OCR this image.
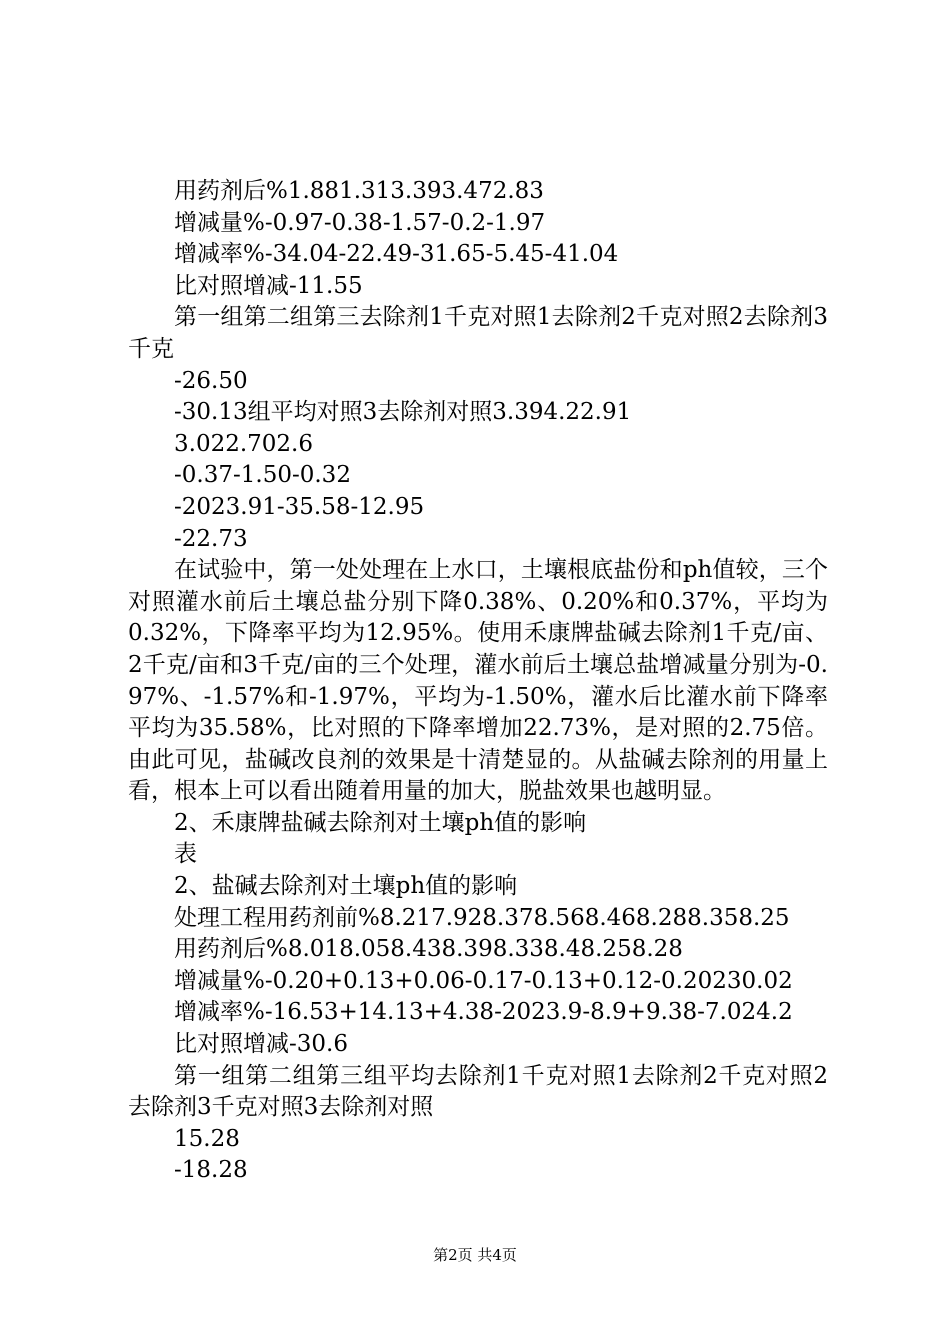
用药剂后%1.881.313.393.472.83
增减量%-0.97-0.38-1.57-0.2-1.97
增减率%-34.04-22.49-31.65-5.45-41.04
比对照增减-11.55
第一组第二组第三去除剂1千克对照1去除剂2千克对照2去除剂3千克
-26.50
-30.13组平均对照3去除剂对照3.394.22.91
3.022.702.6
-0.37-1.50-0.32
-2023.91-35.58-12.95
-22.73
在试验中，第一处处理在上水口，土壤根底盐份和ph值较，三个对照灌水前后土壤总盐分别下降0.38%、0.20%和0.37%，平均为0.32%，下降率平均为12.95%。使用禾康牌盐碱去除剂1千克/亩、2千克/亩和3千克/亩的三个处理，灌水前后土壤总盐增减量分别为-0.97%、-1.57%和-1.97%，平均为-1.50%，灌水后比灌水前下降率平均为35.58%，比对照的下降率增加22.73%，是对照的2.75倍。由此可见，盐碱改良剂的效果是十清楚显的。从盐碱去除剂的用量上看，根本上可以看出随着用量的加大，脱盐效果也越明显。
2、禾康牌盐碱去除剂对土壤ph值的影响
表
2、盐碱去除剂对土壤ph值的影响
处理工程用药剂前%8.217.928.378.568.468.288.358.25
用药剂后%8.018.058.438.398.338.48.258.28
增减量%-0.20+0.13+0.06-0.17-0.13+0.12-0.20230.02
增减率%-16.53+14.13+4.38-2023.9-8.9+9.38-7.024.2
比对照增减-30.6
第一组第二组第三组平均去除剂1千克对照1去除剂2千克对照2去除剂3千克对照3去除剂对照
15.28
-18.28
第2页 共4页
